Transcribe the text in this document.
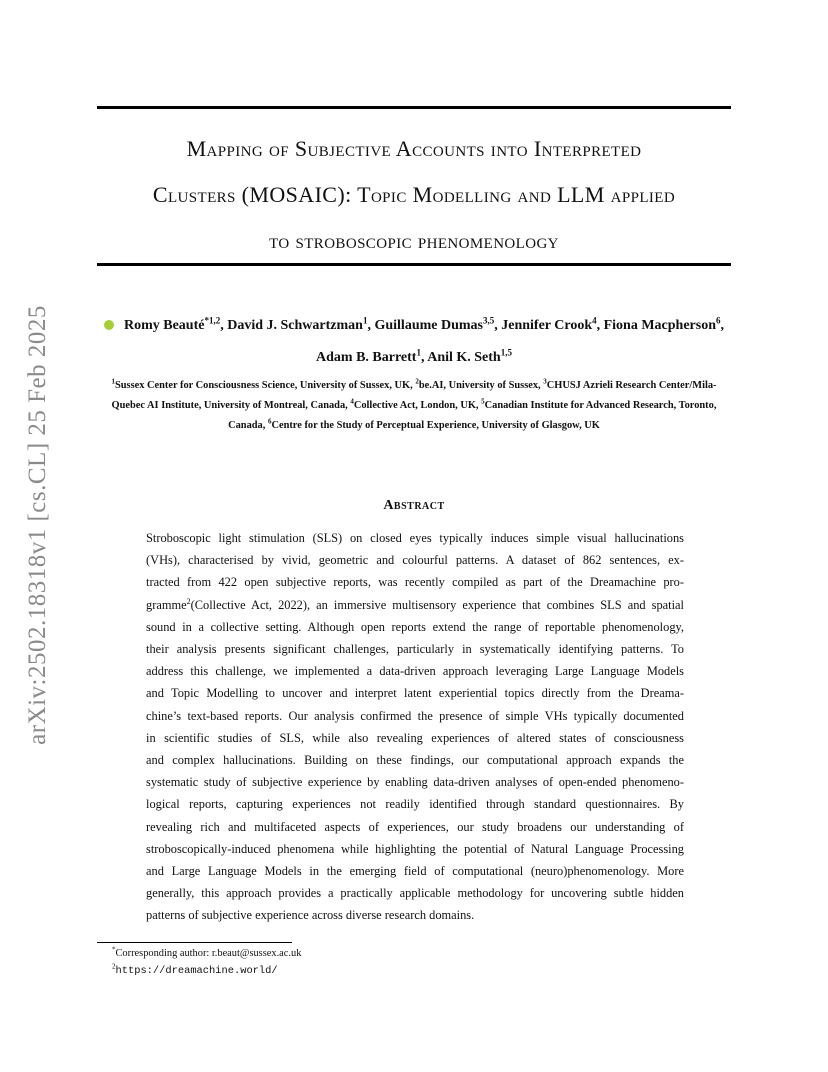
arXiv:2502.18318v1 [cs.CL] 25 Feb 2025
Mapping of Subjective Accounts into Interpreted
Clusters (MOSAIC): Topic Modelling and LLM applied
to stroboscopic phenomenology
Romy Beauté$^{*1,2}$, David J. Schwartzman$^1$, Guillaume Dumas$^{3,5}$, Jennifer Crook$^4$, Fiona Macpherson$^6$, Adam B. Barrett$^1$, Anil K. Seth$^{1,5}$
$^1$Sussex Center for Consciousness Science, University of Sussex, UK, $^2$be.AI, University of Sussex, $^3$CHUSJ Azrieli Research Center/Mila-Quebec AI Institute, University of Montreal, Canada, $^4$Collective Act, London, UK, $^5$Canadian Institute for Advanced Research, Toronto, Canada, $^6$Centre for the Study of Perceptual Experience, University of Glasgow, UK
Abstract
Stroboscopic light stimulation (SLS) on closed eyes typically induces simple visual hallucinations
(VHs), characterised by vivid, geometric and colourful patterns. A dataset of 862 sentences, ex-
tracted from 422 open subjective reports, was recently compiled as part of the Dreamachine pro-
gramme$^2$(Collective Act, 2022), an immersive multisensory experience that combines SLS and spatial
sound in a collective setting. Although open reports extend the range of reportable phenomenology,
their analysis presents significant challenges, particularly in systematically identifying patterns. To
address this challenge, we implemented a data-driven approach leveraging Large Language Models
and Topic Modelling to uncover and interpret latent experiential topics directly from the Dreama-
chine’s text-based reports. Our analysis confirmed the presence of simple VHs typically documented
in scientific studies of SLS, while also revealing experiences of altered states of consciousness
and complex hallucinations. Building on these findings, our computational approach expands the
systematic study of subjective experience by enabling data-driven analyses of open-ended phenomeno-
logical reports, capturing experiences not readily identified through standard questionnaires. By
revealing rich and multifaceted aspects of experiences, our study broadens our understanding of
stroboscopically-induced phenomena while highlighting the potential of Natural Language Processing
and Large Language Models in the emerging field of computational (neuro)phenomenology. More
generally, this approach provides a practically applicable methodology for uncovering subtle hidden
patterns of subjective experience across diverse research domains.
*Corresponding author: r.beaut@sussex.ac.uk
$^2$https://dreamachine.world/
